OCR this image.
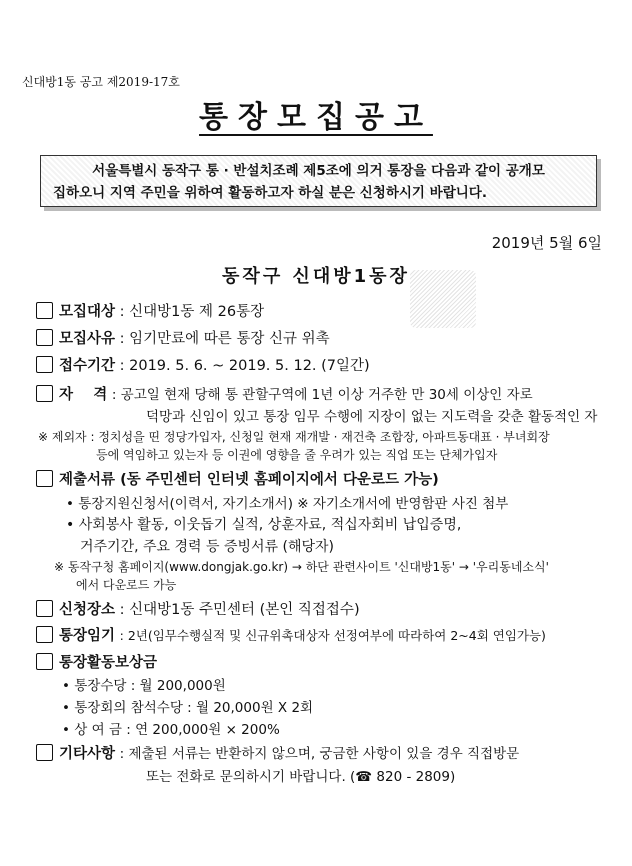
신대방1동 공고 제2019-17호
통장모집공고
서울특별시 동작구 통 · 반설치조례 제5조에 의거 통장을 다음과 같이 공개모
집하오니 지역 주민을 위하여 활동하고자 하실 분은 신청하시기 바랍니다.
2019년 5월 6일
동작구 신대방1동장
모집대상 : 신대방1동 제 26통장
모집사유 : 임기만료에 따른 통장 신규 위촉
접수기간 : 2019. 5. 6. ~ 2019. 5. 12. (7일간)
자    격 : 공고일 현재 당해 통 관할구역에 1년 이상 거주한 만 30세 이상인 자로
덕망과 신임이 있고 통장 임무 수행에 지장이 없는 지도력을 갖춘 활동적인 자
※ 제외자 : 정치성을 띤 정당가입자, 신청일 현재 재개발 · 재건축 조합장, 아파트동대표 · 부녀회장
등에 역임하고 있는자 등 이권에 영향을 줄 우려가 있는 직업 또는 단체가입자
제출서류 (동 주민센터 인터넷 홈페이지에서 다운로드 가능)
• 통장지원신청서(이력서, 자기소개서) ※ 자기소개서에 반영함판 사진 첨부
• 사회봉사 활동, 이웃돕기 실적, 상훈자료, 적십자회비 납입증명,
거주기간, 주요 경력 등 증빙서류 (해당자)
※ 동작구청 홈페이지(www.dongjak.go.kr) → 하단 관련사이트 '신대방1동' → '우리동네소식'
에서 다운로드 가능
신청장소 : 신대방1동 주민센터 (본인 직접접수)
통장임기 : 2년(임무수행실적 및 신규위촉대상자 선정여부에 따라하여 2~4회 연임가능)
통장활동보상금
• 통장수당 : 월 200,000원
• 통장회의 참석수당 : 월 20,000원 X 2회
• 상 여 금 : 연 200,000원 × 200%
기타사항 : 제출된 서류는 반환하지 않으며, 궁금한 사항이 있을 경우 직접방문
또는 전화로 문의하시기 바랍니다. (☎ 820 - 2809)
